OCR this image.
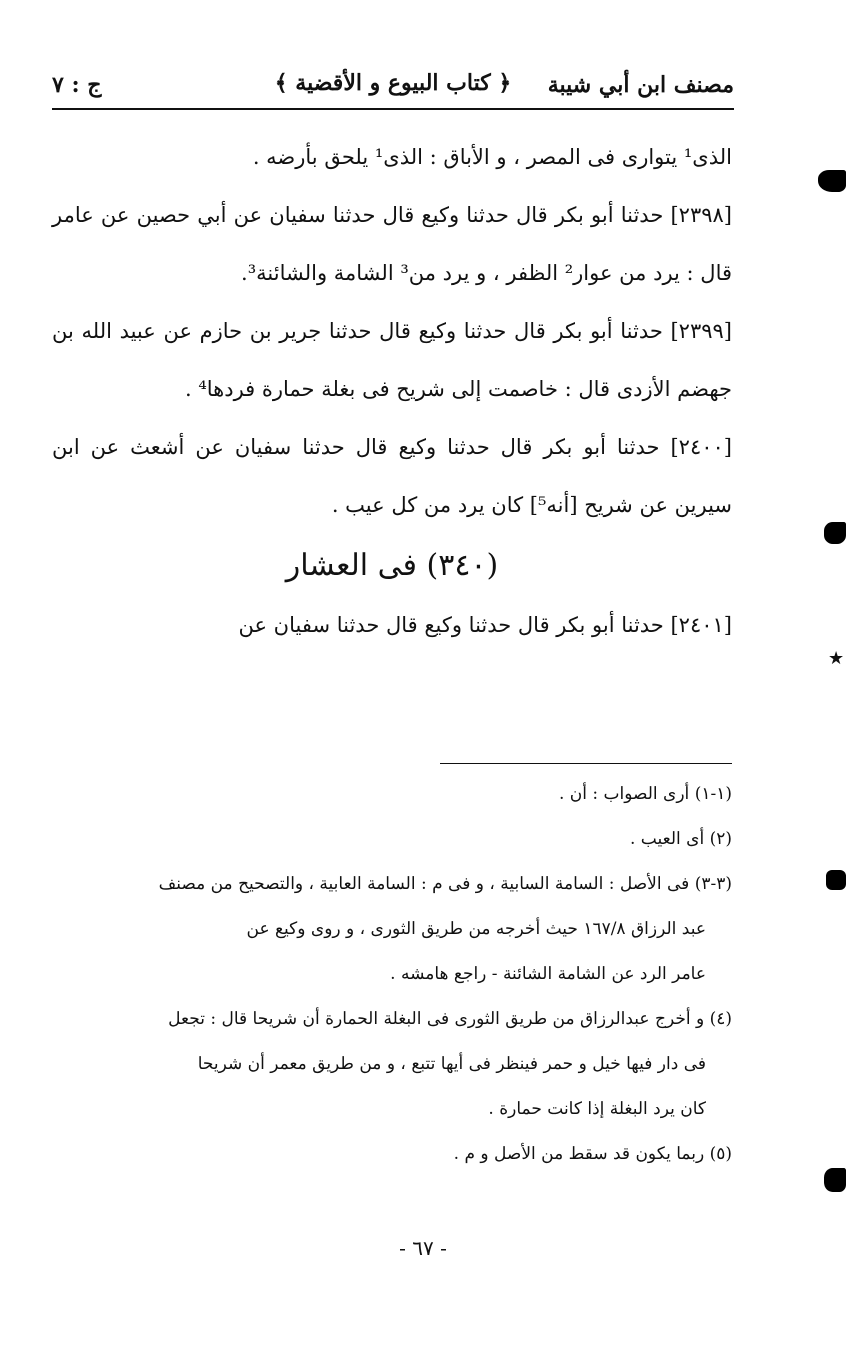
مصنف ابن أبي شيبة
﴿ كتاب البيوع و الأقضية ﴾
ج : ٧

الذى¹ يتوارى فى المصر ، و الأباق : الذى¹ يلحق بأرضه .

[٢٣٩٨] حدثنا أبو بكر قال حدثنا وكيع قال حدثنا سفيان عن أبي حصين عن عامر قال : يرد من عوار² الظفر ، و يرد من³ الشامة والشائنة³.

[٢٣٩٩] حدثنا أبو بكر قال حدثنا وكيع قال حدثنا جرير بن حازم عن عبيد الله بن جهضم الأزدى قال : خاصمت إلى شريح فى بغلة حمارة فردها⁴ .

[٢٤٠٠] حدثنا أبو بكر قال حدثنا وكيع قال حدثنا سفيان عن أشعث عن ابن سيرين عن شريح [أنه⁵] كان يرد من كل عيب .

(٣٤٠) فى العشار

[٢٤٠١] حدثنا أبو بكر قال حدثنا وكيع قال حدثنا سفيان عن

(١-١) أرى الصواب : أن .

(٢) أى العيب .

(٣-٣) فى الأصل : السامة السابية ، و فى م : السامة العابية ، والتصحيح من مصنف

عبد الرزاق ١٦٧/٨ حيث أخرجه من طريق الثورى ، و روى وكيع عن

عامر الرد عن الشامة الشائنة - راجع هامشه .

(٤) و أخرج عبدالرزاق من طريق الثورى فى البغلة الحمارة أن شريحا قال : تجعل

فى دار فيها خيل و حمر فينظر فى أيها تتبع ، و من طريق معمر أن شريحا

كان يرد البغلة إذا كانت حمارة .

(٥) ربما يكون قد سقط من الأصل و م .

- ٦٧ -
★
